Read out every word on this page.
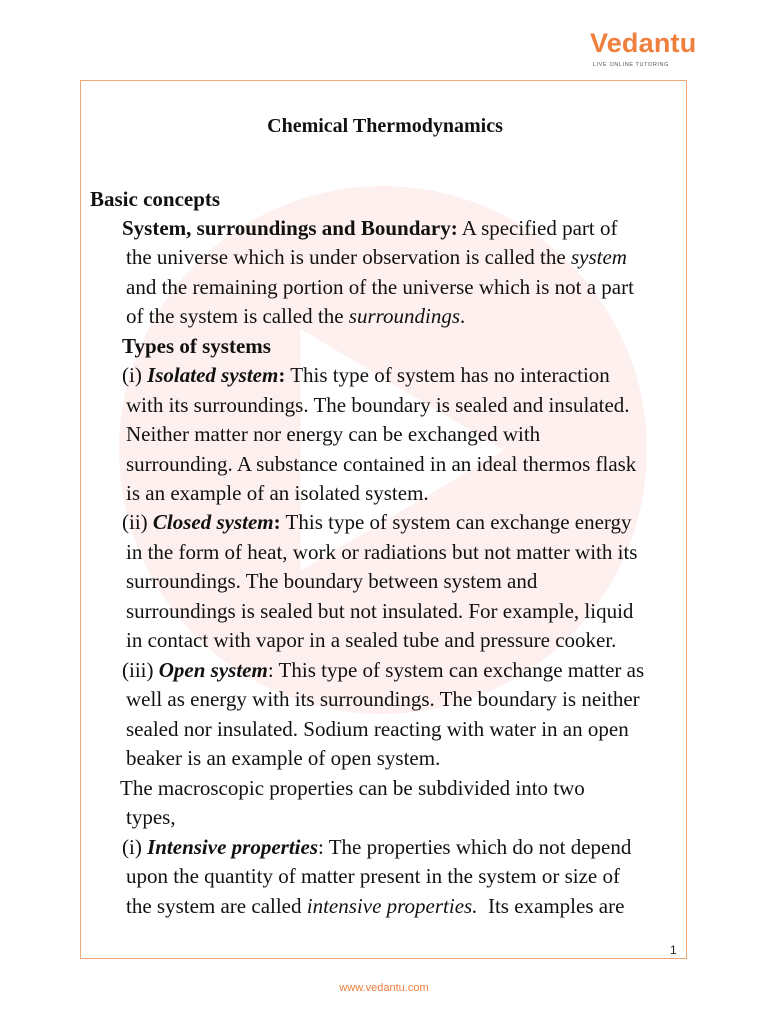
Vedantu
LIVE ONLINE TUTORING
Chemical Thermodynamics
Basic concepts
System, surroundings and Boundary: A specified part of
the universe which is under observation is called the system
and the remaining portion of the universe which is not a part
of the system is called the surroundings.
Types of systems
(i) Isolated system: This type of system has no interaction
with its surroundings. The boundary is sealed and insulated.
Neither matter nor energy can be exchanged with
surrounding. A substance contained in an ideal thermos flask
is an example of an isolated system.
(ii) Closed system: This type of system can exchange energy
in the form of heat, work or radiations but not matter with its
surroundings. The boundary between system and
surroundings is sealed but not insulated. For example, liquid
in contact with vapor in a sealed tube and pressure cooker.
(iii) Open system: This type of system can exchange matter as
well as energy with its surroundings. The boundary is neither
sealed nor insulated. Sodium reacting with water in an open
beaker is an example of open system.
The macroscopic properties can be subdivided into two
types,
(i) Intensive properties: The properties which do not depend
upon the quantity of matter present in the system or size of
the system are called intensive properties.  Its examples are
1
www.vedantu.com
